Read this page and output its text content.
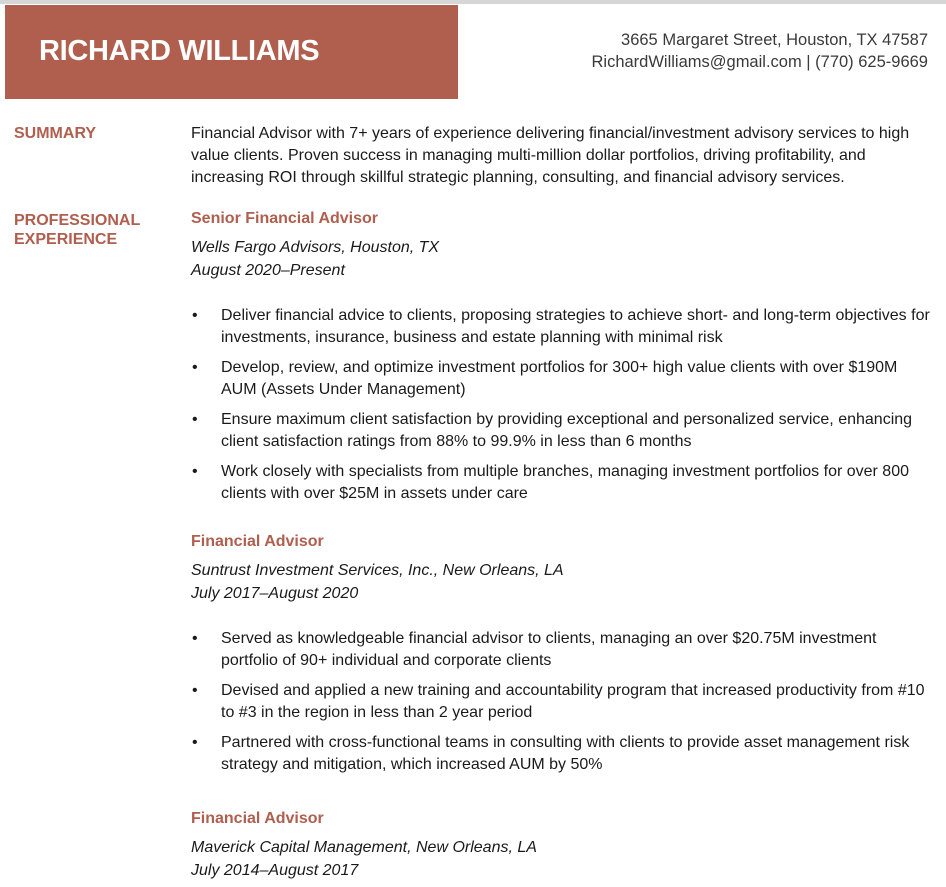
RICHARD WILLIAMS	3665 Margaret Street, Houston, TX 47587
RichardWilliams@gmail.com | (770) 625-9669
SUMMARY	Financial Advisor with 7+ years of experience delivering financial/investment advisory services to high value clients. Proven success in managing multi-million dollar portfolios, driving profitability, and increasing ROI through skillful strategic planning, consulting, and financial advisory services.
PROFESSIONAL
EXPERIENCE
Senior Financial Advisor
Wells Fargo Advisors, Houston, TX
August 2020–Present
• Deliver financial advice to clients, proposing strategies to achieve short- and long-term objectives for investments, insurance, business and estate planning with minimal risk
• Develop, review, and optimize investment portfolios for 300+ high value clients with over $190M AUM (Assets Under Management)
• Ensure maximum client satisfaction by providing exceptional and personalized service, enhancing client satisfaction ratings from 88% to 99.9% in less than 6 months
• Work closely with specialists from multiple branches, managing investment portfolios for over 800 clients with over $25M in assets under care
Financial Advisor
Suntrust Investment Services, Inc., New Orleans, LA
July 2017–August 2020
• Served as knowledgeable financial advisor to clients, managing an over $20.75M investment portfolio of 90+ individual and corporate clients
• Devised and applied a new training and accountability program that increased productivity from #10 to #3 in the region in less than 2 year period
• Partnered with cross-functional teams in consulting with clients to provide asset management risk strategy and mitigation, which increased AUM by 50%
Financial Advisor
Maverick Capital Management, New Orleans, LA
July 2014–August 2017
